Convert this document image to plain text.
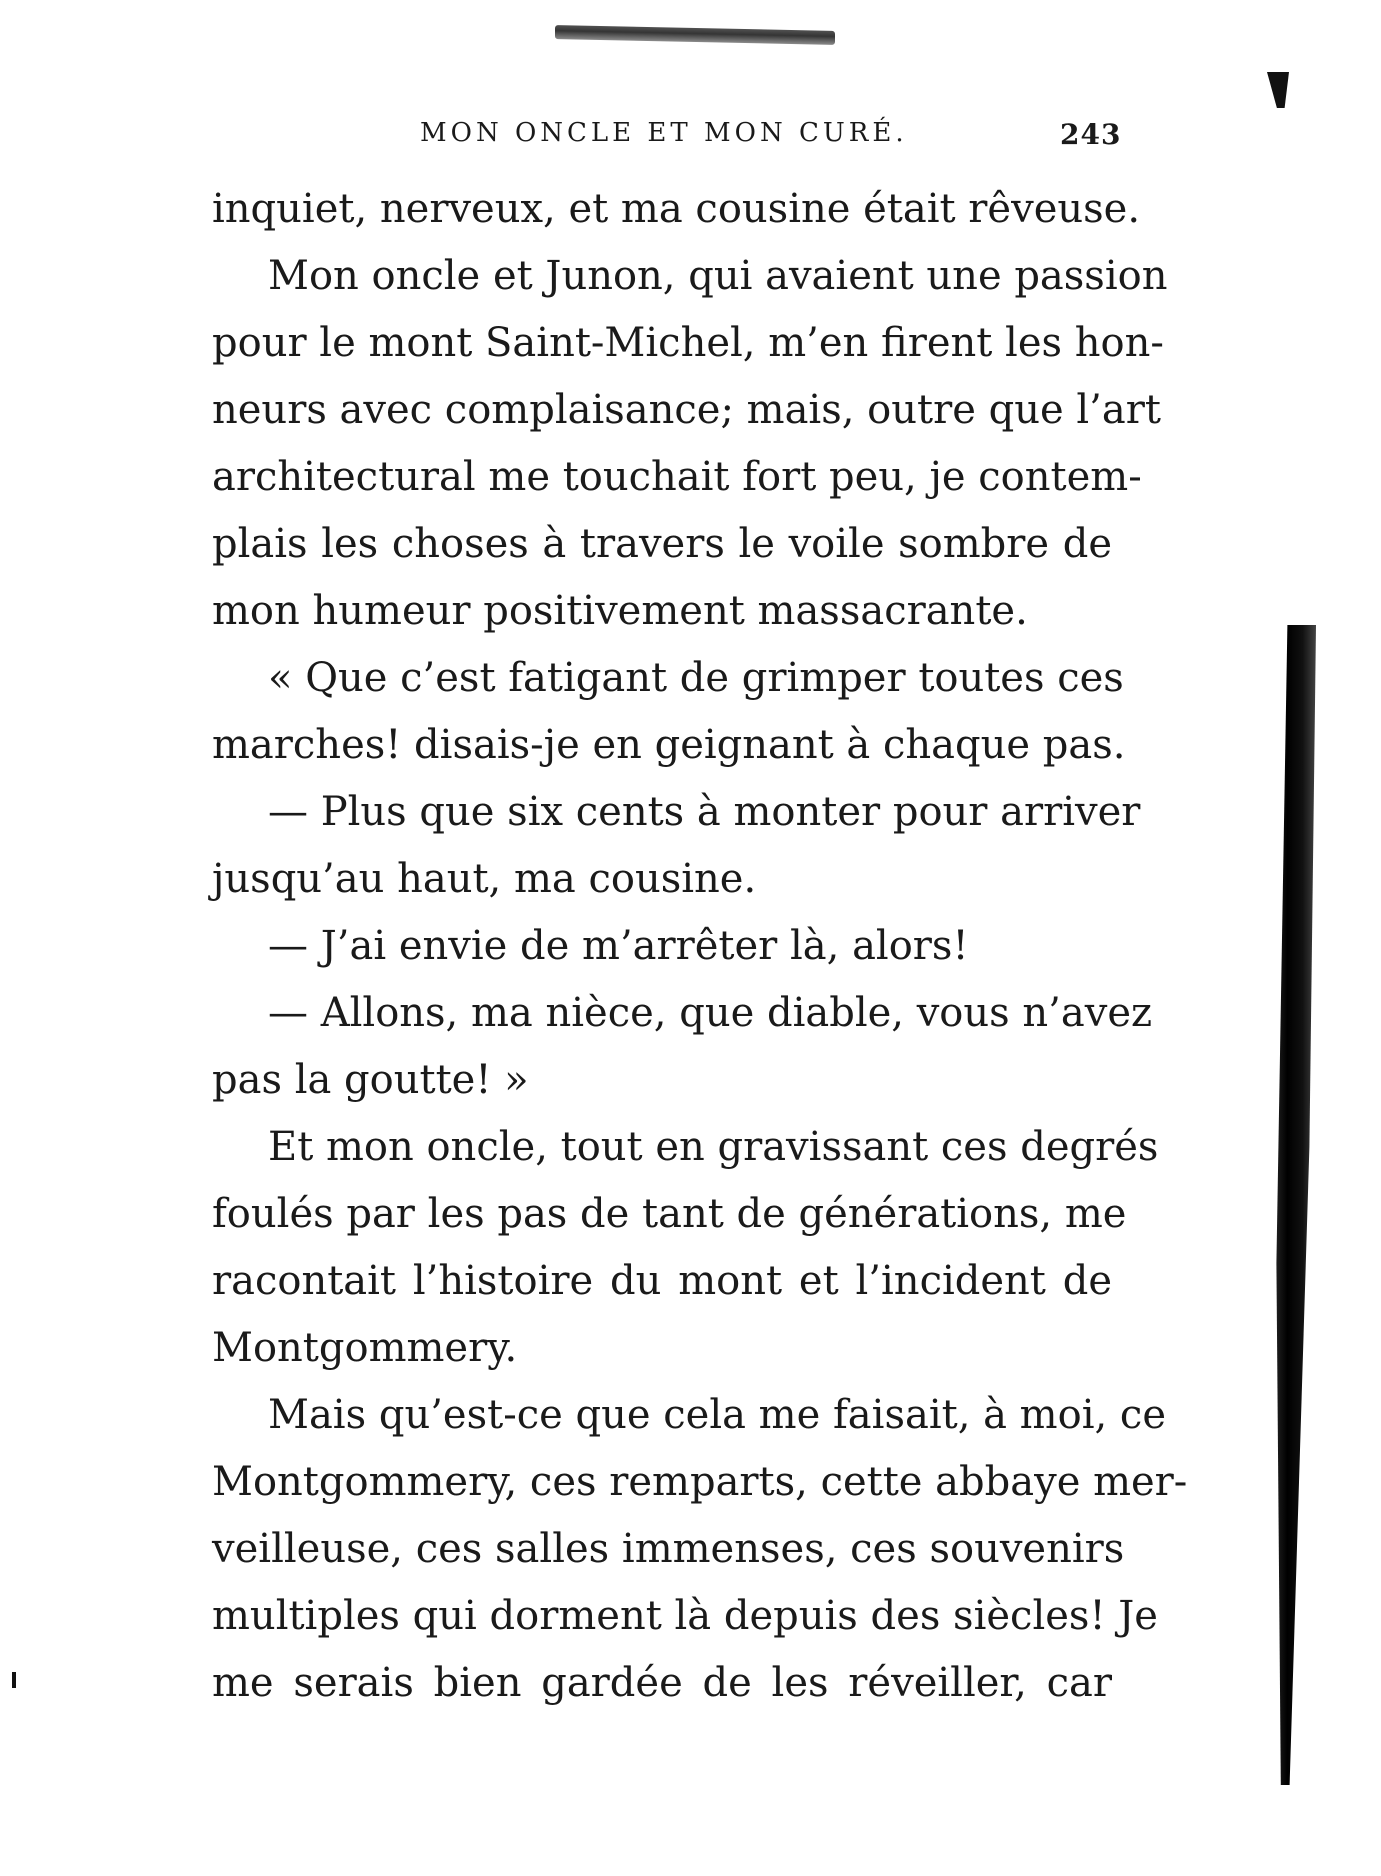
MON ONCLE ET MON CURÉ.	243
inquiet, nerveux, et ma cousine était rêveuse.
Mon oncle et Junon, qui avaient une passion
pour le mont Saint-Michel, m’en firent les hon-
neurs avec complaisance; mais, outre que l’art
architectural me touchait fort peu, je contem-
plais les choses à travers le voile sombre de
mon humeur positivement massacrante.
« Que c’est fatigant de grimper toutes ces
marches! disais-je en geignant à chaque pas.
— Plus que six cents à monter pour arriver
jusqu’au haut, ma cousine.
— J’ai envie de m’arrêter là, alors!
— Allons, ma nièce, que diable, vous n’avez
pas la goutte! »
Et mon oncle, tout en gravissant ces degrés
foulés par les pas de tant de générations, me
racontait l’histoire du mont et l’incident de
Montgommery.
Mais qu’est-ce que cela me faisait, à moi, ce
Montgommery, ces remparts, cette abbaye mer-
veilleuse, ces salles immenses, ces souvenirs
multiples qui dorment là depuis des siècles! Je
me serais bien gardée de les réveiller, car
